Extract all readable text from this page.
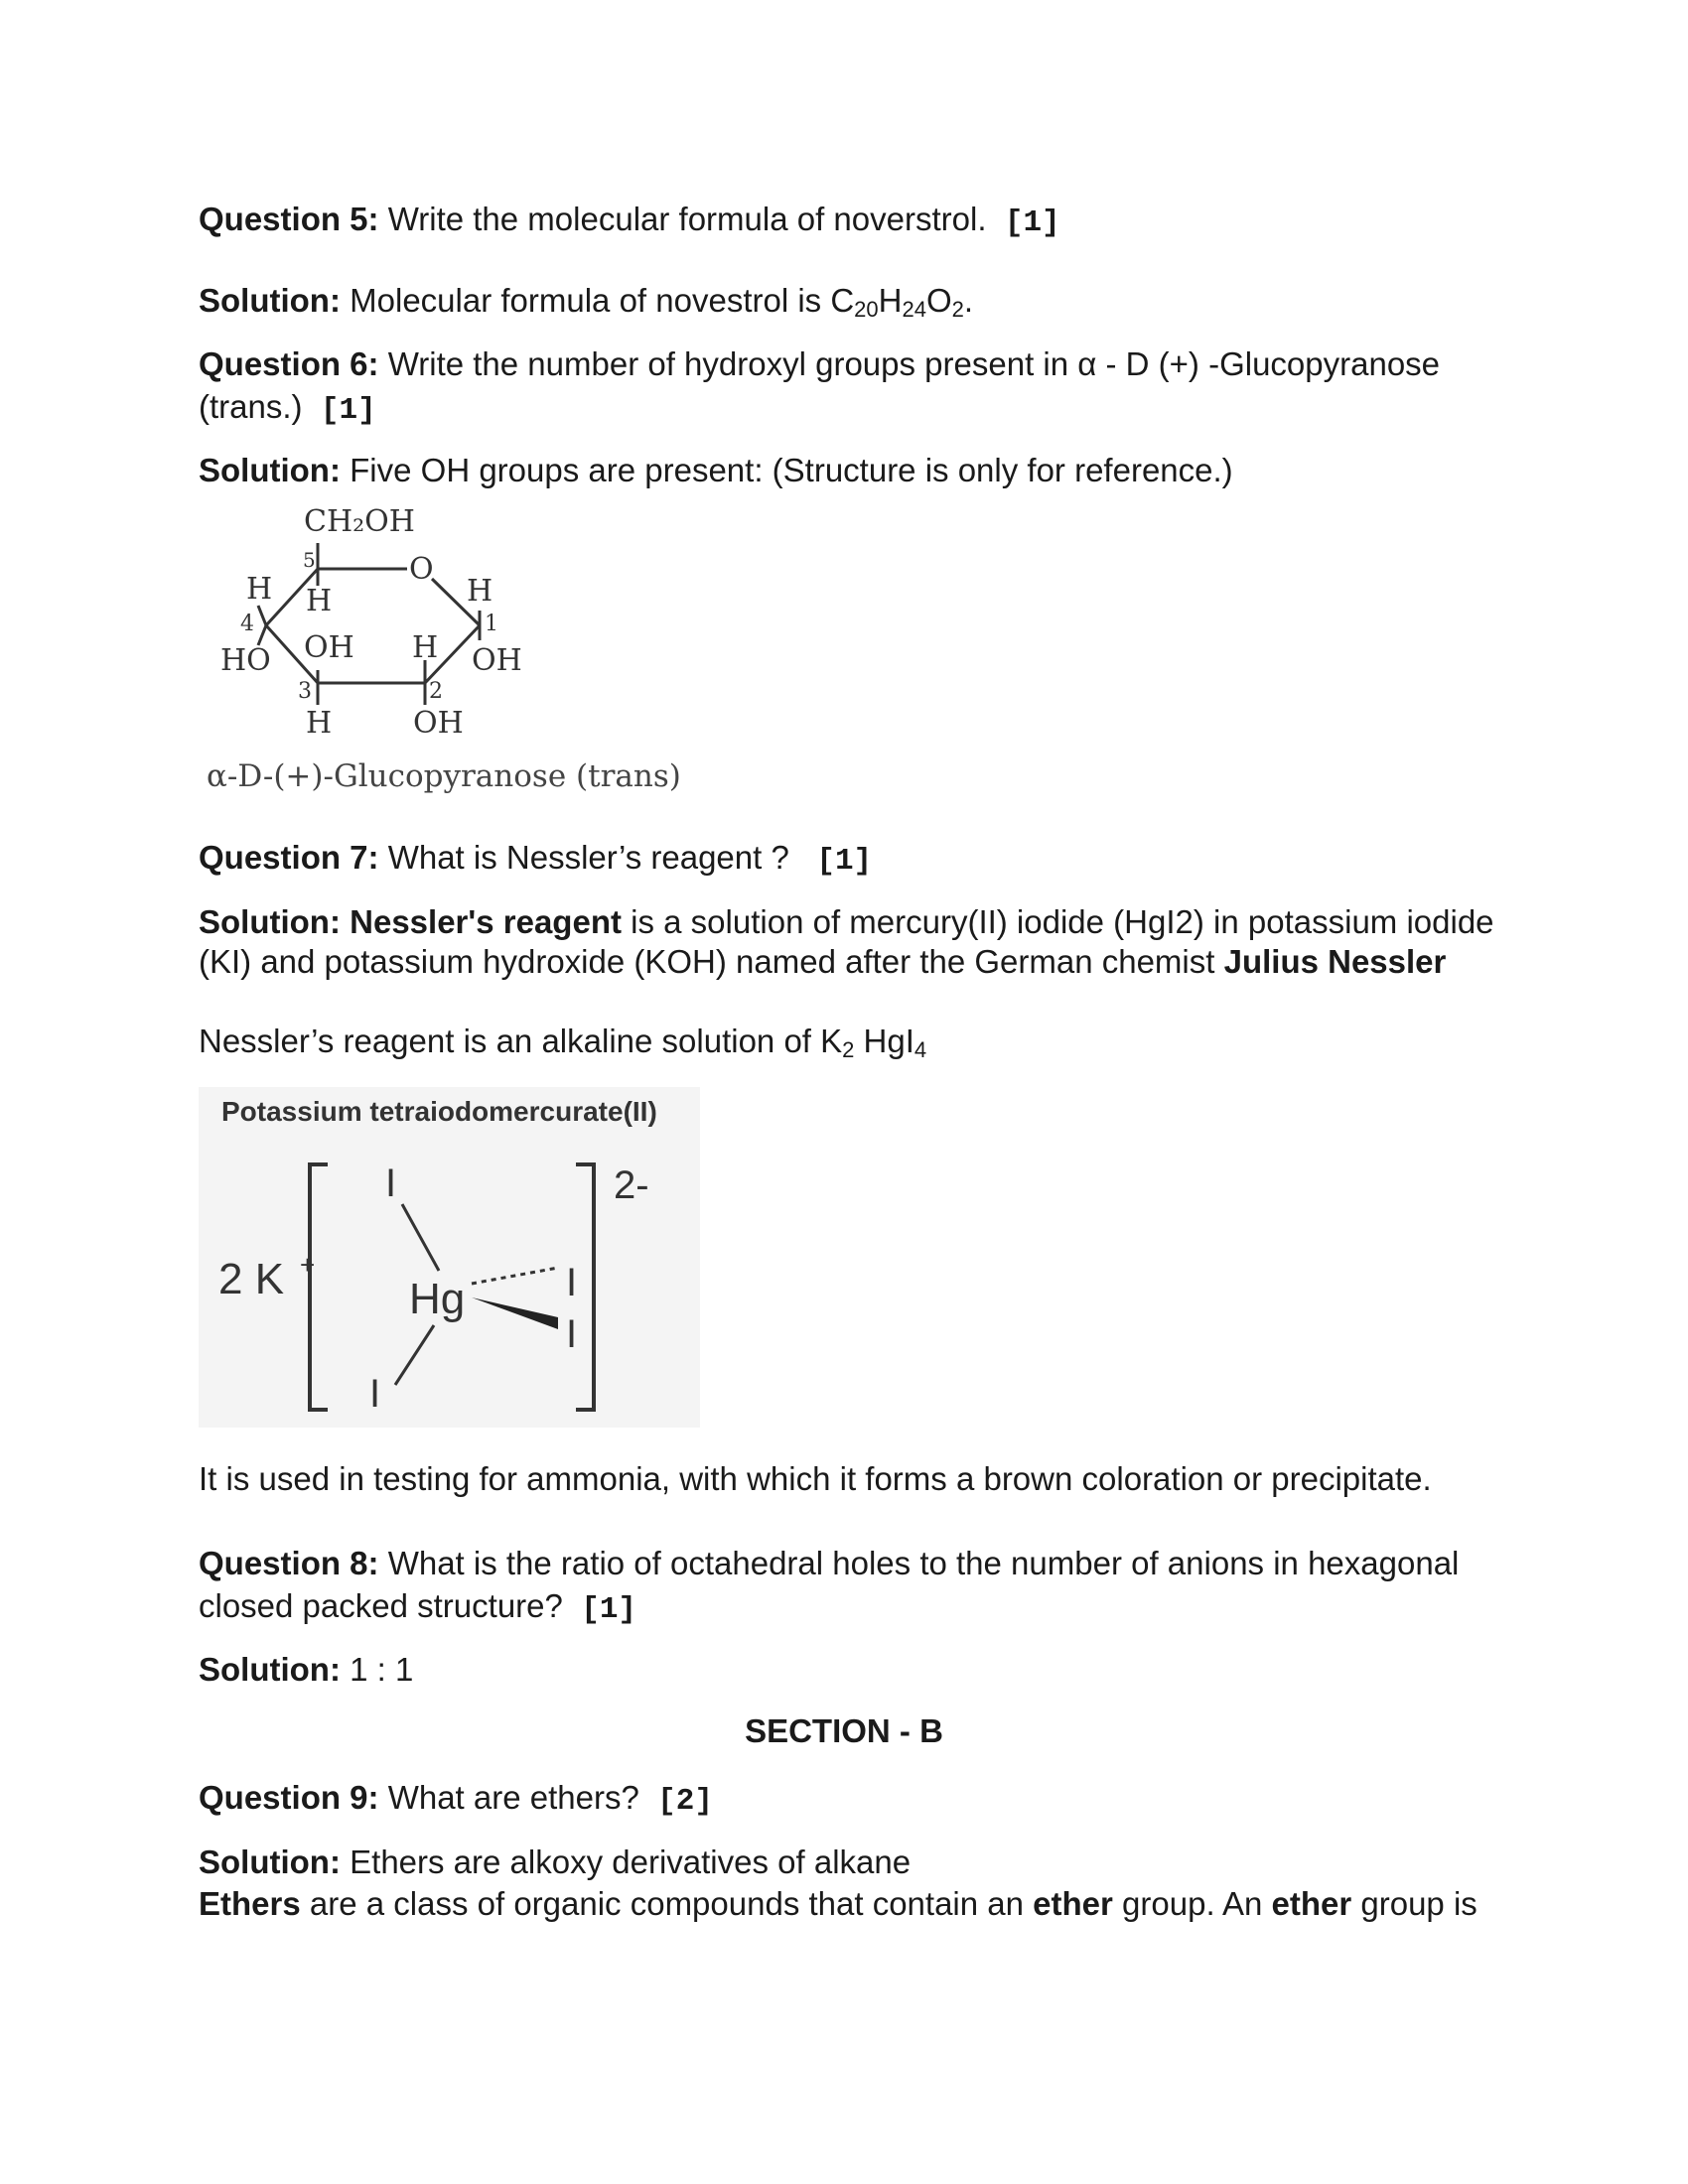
Question 5: Write the molecular formula of noverstrol. [1]
Solution: Molecular formula of novestrol is $C_{20}H_{24}O_2$.
Question 6: Write the number of hydroxyl groups present in α - D (+) -Glucopyranose
(trans.) [1]
Solution: Five OH groups are present: (Structure is only for reference.)
CH₂OH
O
H
5
H	H
1
4
HO OH H OH
3	2
H	OH
α-D-(+)-Glucopyranose (trans)
Question 7: What is Nessler’s reagent ? [1]
Solution: Nessler's reagent is a solution of mercury(II) iodide (HgI2) in potassium iodide
(KI) and potassium hydroxide (KOH) named after the German chemist Julius Nessler
Nessler’s reagent is an alkaline solution of $K_2$ HgI$_4$
Potassium tetraiodomercurate(II)
2 K +
2-
Hg
I
I
I
I
It is used in testing for ammonia, with which it forms a brown coloration or precipitate.
Question 8: What is the ratio of octahedral holes to the number of anions in hexagonal
closed packed structure? [1]
Solution: 1 : 1
SECTION - B
Question 9: What are ethers? [2]
Solution: Ethers are alkoxy derivatives of alkane
Ethers are a class of organic compounds that contain an ether group. An ether group is
